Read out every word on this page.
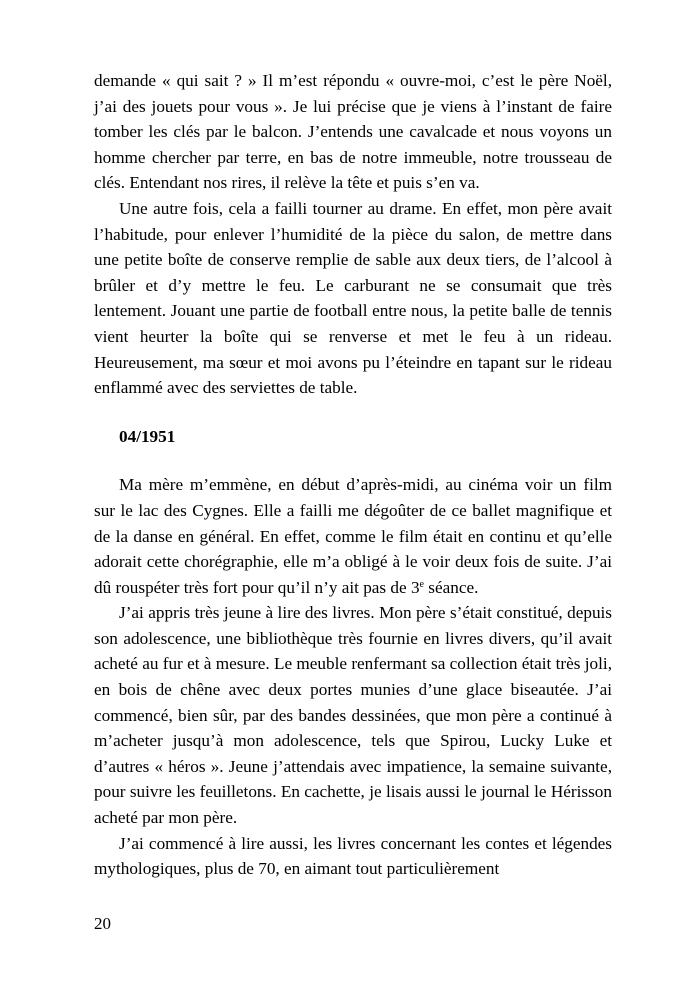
demande « qui sait ? » Il m’est répondu « ouvre-moi, c’est le père Noël, j’ai des jouets pour vous ». Je lui précise que je viens à l’instant de faire tomber les clés par le balcon. J’entends une cavalcade et nous voyons un homme chercher par terre, en bas de notre immeuble, notre trousseau de clés. Entendant nos rires, il relève la tête et puis s’en va.

Une autre fois, cela a failli tourner au drame. En effet, mon père avait l’habitude, pour enlever l’humidité de la pièce du salon, de mettre dans une petite boîte de conserve remplie de sable aux deux tiers, de l’alcool à brûler et d’y mettre le feu. Le carburant ne se consumait que très lentement. Jouant une partie de football entre nous, la petite balle de tennis vient heurter la boîte qui se renverse et met le feu à un rideau. Heureusement, ma sœur et moi avons pu l’éteindre en tapant sur le rideau enflammé avec des serviettes de table.

04/1951

Ma mère m’emmène, en début d’après-midi, au cinéma voir un film sur le lac des Cygnes. Elle a failli me dégoûter de ce ballet magnifique et de la danse en général. En effet, comme le film était en continu et qu’elle adorait cette chorégraphie, elle m’a obligé à le voir deux fois de suite. J’ai dû rouspéter très fort pour qu’il n’y ait pas de 3e séance.

J’ai appris très jeune à lire des livres. Mon père s’était constitué, depuis son adolescence, une bibliothèque très fournie en livres divers, qu’il avait acheté au fur et à mesure. Le meuble renfermant sa collection était très joli, en bois de chêne avec deux portes munies d’une glace biseautée. J’ai commencé, bien sûr, par des bandes dessinées, que mon père a continué à m’acheter jusqu’à mon adolescence, tels que Spirou, Lucky Luke et d’autres « héros ». Jeune j’attendais avec impatience, la semaine suivante, pour suivre les feuilletons. En cachette, je lisais aussi le journal le Hérisson acheté par mon père.

J’ai commencé à lire aussi, les livres concernant les contes et légendes mythologiques, plus de 70, en aimant tout particulièrement

20
